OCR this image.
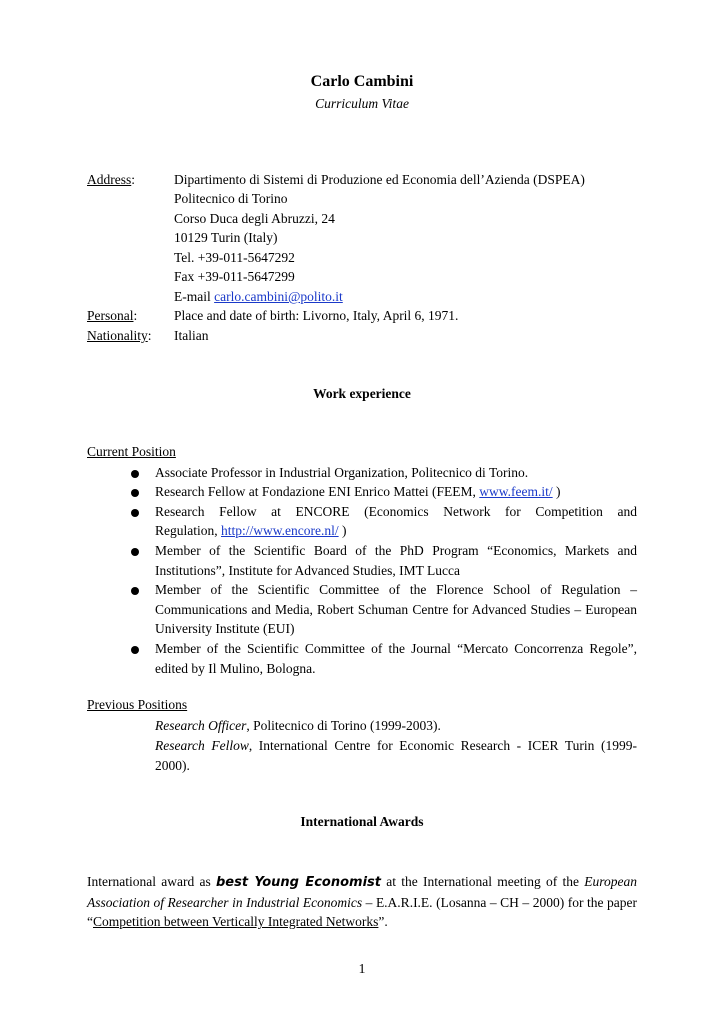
Carlo Cambini
Curriculum Vitae
Address:	Dipartimento di Sistemi di Produzione ed Economia dell’Azienda (DSPEA)
Politecnico di Torino
Corso Duca degli Abruzzi, 24
10129 Turin (Italy)
Tel. +39-011-5647292
Fax +39-011-5647299
E-mail carlo.cambini@polito.it
Personal:	Place and date of birth: Livorno, Italy, April 6, 1971.
Nationality: Italian
Work experience
Current Position
Associate Professor in Industrial Organization, Politecnico di Torino.
Research Fellow at Fondazione ENI Enrico Mattei (FEEM, www.feem.it/ )
Research Fellow at ENCORE (Economics Network for Competition and
Regulation, http://www.encore.nl/ )
Member of the Scientific Board of the PhD Program “Economics, Markets and Institutions”, Institute for Advanced Studies, IMT Lucca
Member of the Scientific Committee of the Florence School of Regulation – Communications and Media, Robert Schuman Centre for Advanced Studies – European University Institute (EUI)
Member of the Scientific Committee of the Journal “Mercato Concorrenza Regole”, edited by Il Mulino, Bologna.
Previous Positions
Research Officer, Politecnico di Torino (1999-2003).
Research Fellow, International Centre for Economic Research - ICER Turin (1999-2000).
International Awards
International award as best Young Economist at the International meeting of the European Association of Researcher in Industrial Economics – E.A.R.I.E. (Losanna – CH – 2000) for the paper “Competition between Vertically Integrated Networks”.
1
